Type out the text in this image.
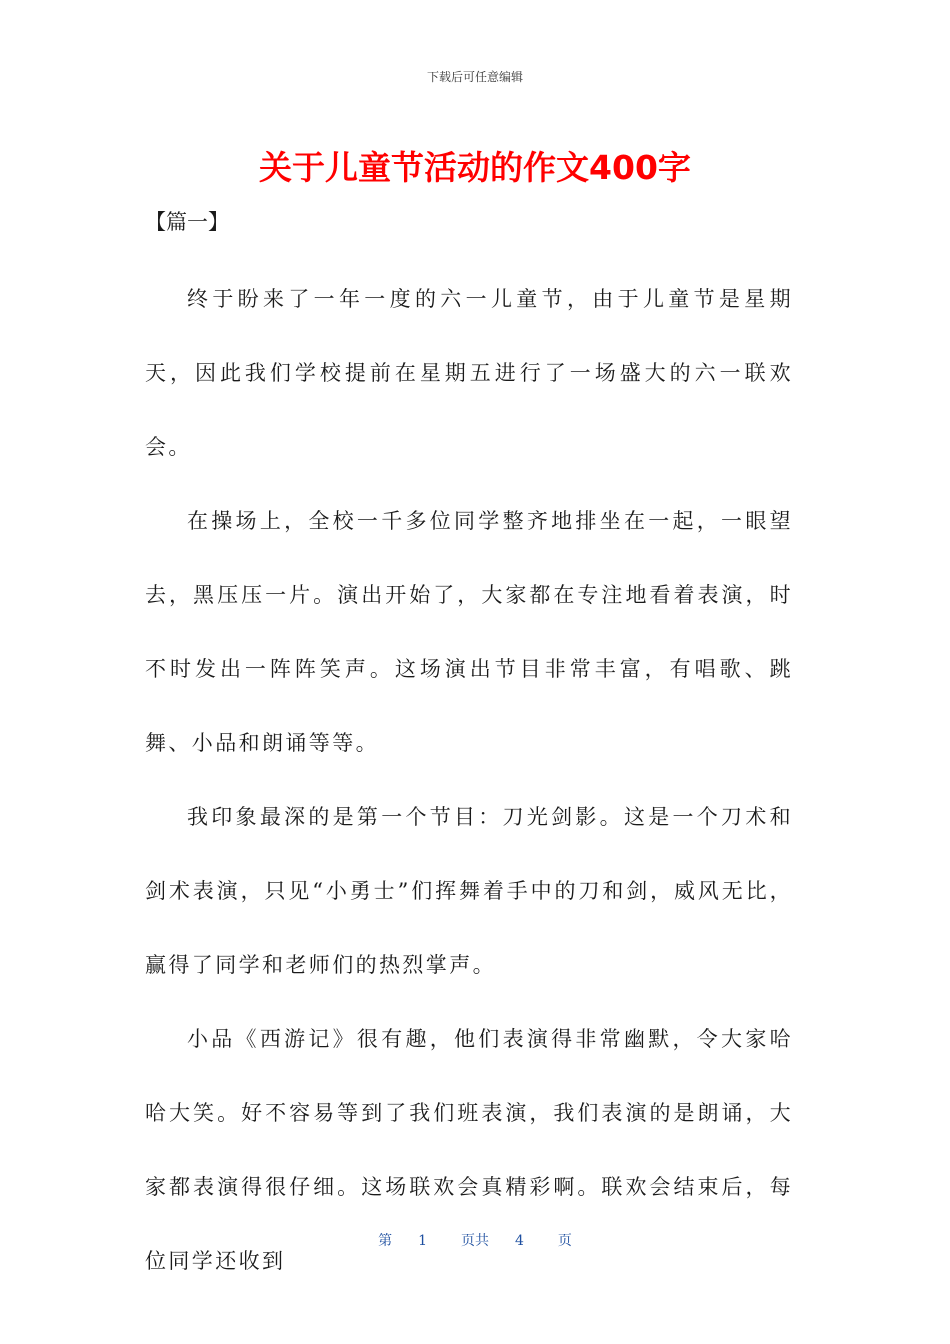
下载后可任意编辑
关于儿童节活动的作文400字
【篇一】

终于盼来了一年一度的六一儿童节，由于儿童节是星期天，因此我们学校提前在星期五进行了一场盛大的六一联欢会。

在操场上，全校一千多位同学整齐地排坐在一起，一眼望去，黑压压一片。演出开始了，大家都在专注地看着表演，时不时发出一阵阵笑声。这场演出节目非常丰富，有唱歌、跳舞、小品和朗诵等等。

我印象最深的是第一个节目：刀光剑影。这是一个刀术和剑术表演，只见“小勇士”们挥舞着手中的刀和剑，威风无比，赢得了同学和老师们的热烈掌声。

小品《西游记》很有趣，他们表演得非常幽默，令大家哈哈大笑。好不容易等到了我们班表演，我们表演的是朗诵，大家都表演得很仔细。这场联欢会真精彩啊。联欢会结束后，每位同学还收到

第 1 页共 4 页
